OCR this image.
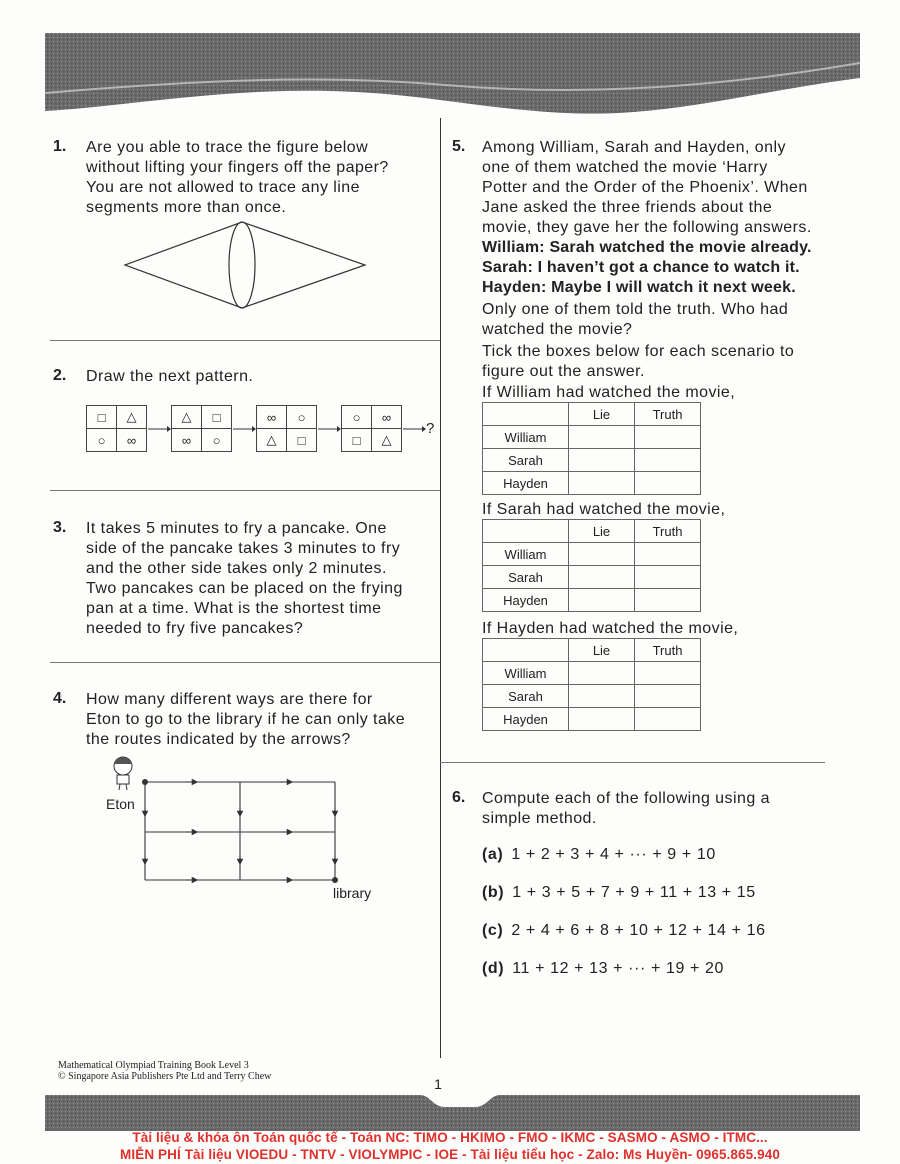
1. Are you able to trace the figure below
without lifting your fingers off the paper?
You are not allowed to trace any line
segments more than once.
2. Draw the next pattern.
□	△
○	∞
△	□
∞	○
∞	○
△	□
○	∞
□	△
?
3. It takes 5 minutes to fry a pancake. One
side of the pancake takes 3 minutes to fry
and the other side takes only 2 minutes.
Two pancakes can be placed on the frying
pan at a time. What is the shortest time
needed to fry five pancakes?
4. How many different ways are there for
Eton to go to the library if he can only take
the routes indicated by the arrows?
Eton
library
5. Among William, Sarah and Hayden, only
one of them watched the movie ‘Harry
Potter and the Order of the Phoenix’. When
Jane asked the three friends about the
movie, they gave her the following answers.
William: Sarah watched the movie already.
Sarah: I haven’t got a chance to watch it.
Hayden: Maybe I will watch it next week.
Only one of them told the truth. Who had
watched the movie?
Tick the boxes below for each scenario to
figure out the answer.
If William had watched the movie,
	Lie	Truth
William		
Sarah		
Hayden		
If Sarah had watched the movie,
	Lie	Truth
William		
Sarah		
Hayden		
If Hayden had watched the movie,
	Lie	Truth
William		
Sarah		
Hayden		
6. Compute each of the following using a
simple method.
(a) 1 + 2 + 3 + 4 + ··· + 9 + 10
(b) 1 + 3 + 5 + 7 + 9 + 11 + 13 + 15
(c) 2 + 4 + 6 + 8 + 10 + 12 + 14 + 16
(d) 11 + 12 + 13 + ··· + 19 + 20
Mathematical Olympiad Training Book Level 3
© Singapore Asia Publishers Pte Ltd and Terry Chew	1
Tài liệu & khóa ôn Toán quốc tế - Toán NC: TIMO - HKIMO - FMO - IKMC - SASMO - ASMO - ITMC...
MIỄN PHÍ Tài liệu VIOEDU - TNTV - VIOLYMPIC - IOE - Tài liệu tiểu học - Zalo: Ms Huyền- 0965.865.940
